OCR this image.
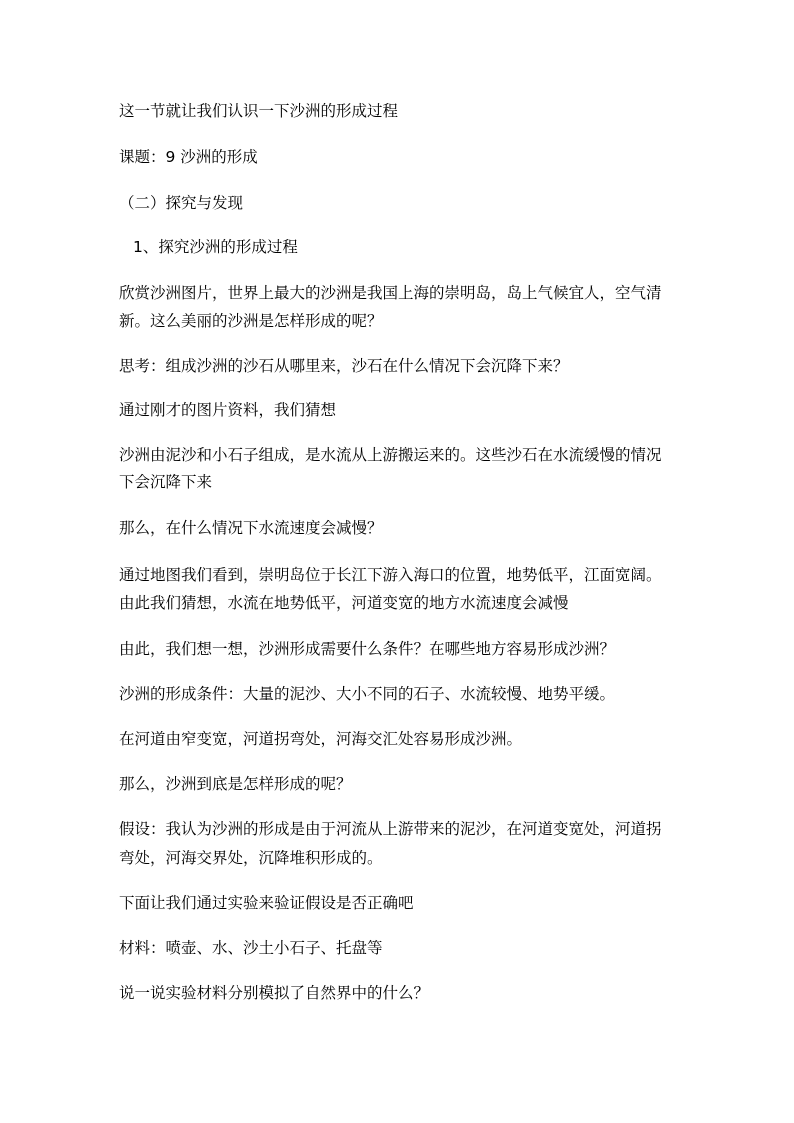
这一节就让我们认识一下沙洲的形成过程
课题：9 沙洲的形成
（二）探究与发现
1、探究沙洲的形成过程
欣赏沙洲图片，世界上最大的沙洲是我国上海的崇明岛，岛上气候宜人，空气清
新。这么美丽的沙洲是怎样形成的呢？
思考：组成沙洲的沙石从哪里来，沙石在什么情况下会沉降下来？
通过刚才的图片资料，我们猜想
沙洲由泥沙和小石子组成，是水流从上游搬运来的。这些沙石在水流缓慢的情况
下会沉降下来
那么，在什么情况下水流速度会减慢？
通过地图我们看到，崇明岛位于长江下游入海口的位置，地势低平，江面宽阔。
由此我们猜想，水流在地势低平，河道变宽的地方水流速度会减慢
由此，我们想一想，沙洲形成需要什么条件？在哪些地方容易形成沙洲？
沙洲的形成条件：大量的泥沙、大小不同的石子、水流较慢、地势平缓。
在河道由窄变宽，河道拐弯处，河海交汇处容易形成沙洲。
那么，沙洲到底是怎样形成的呢？
假设：我认为沙洲的形成是由于河流从上游带来的泥沙，在河道变宽处，河道拐
弯处，河海交界处，沉降堆积形成的。
下面让我们通过实验来验证假设是否正确吧
材料：喷壶、水、沙土小石子、托盘等
说一说实验材料分别模拟了自然界中的什么？
